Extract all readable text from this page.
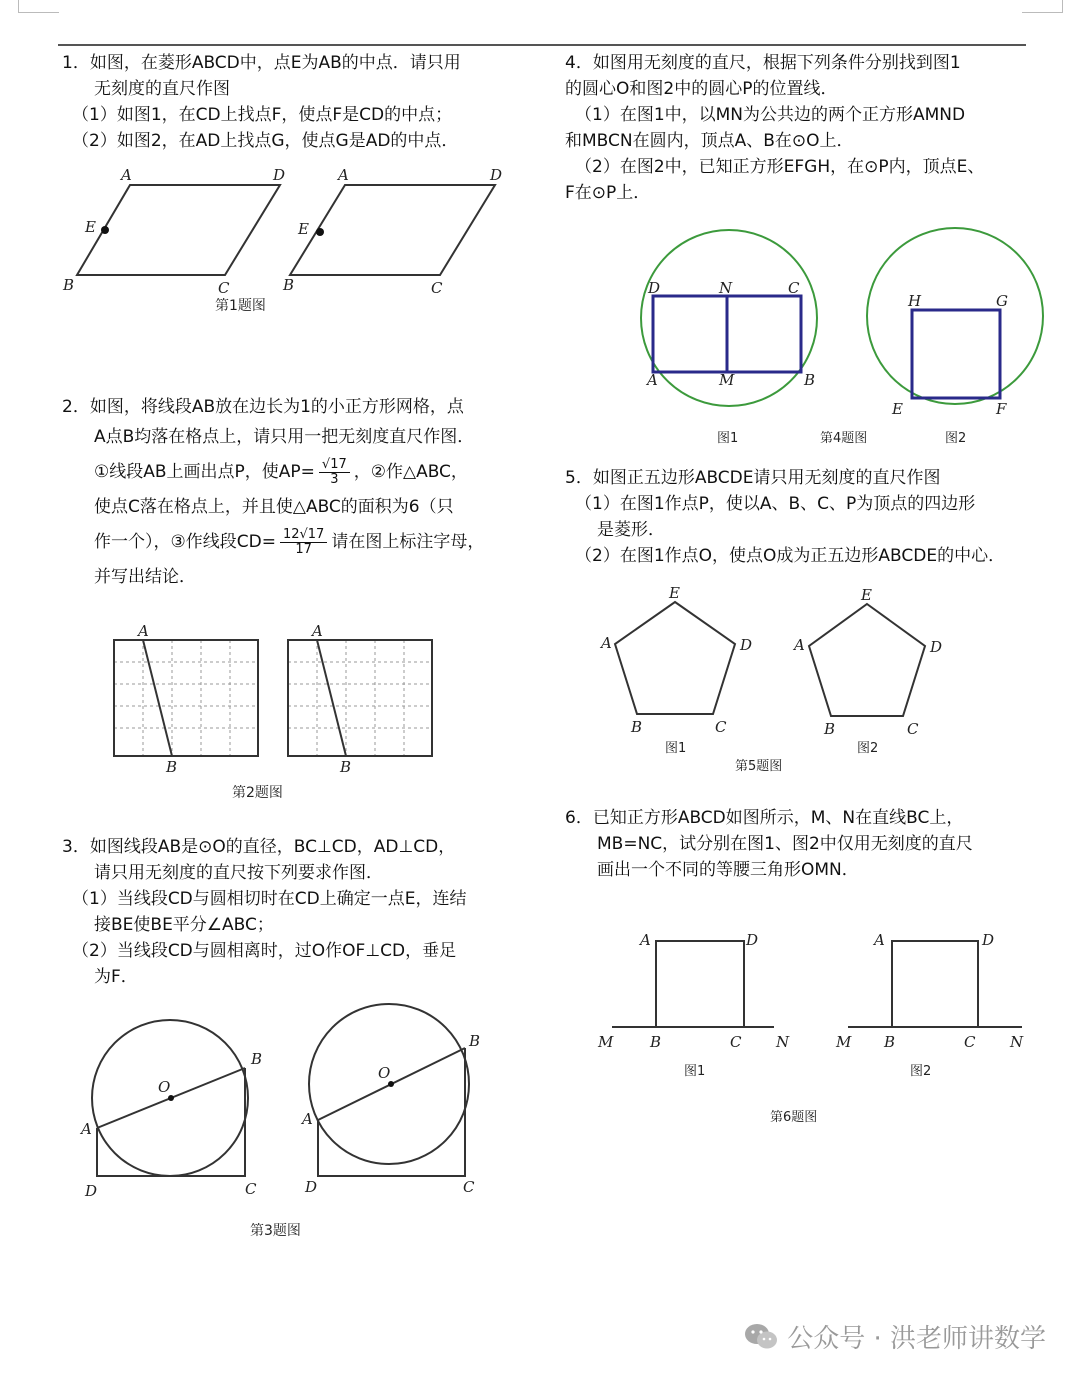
1．如图，在菱形ABCD中，点E为AB的中点．请只用

无刻度的直尺作图

（1）如图1，在CD上找点F，使点F是CD的中点；

（2）如图2，在AD上找点G，使点G是AD的中点．

A	D
E
B	C
A	D
E
B	C
第1题图

2．如图，将线段AB放在边长为1的小正方形网格，点

A点B均落在格点上，请只用一把无刻度直尺作图．

①线段AB上画出点P，使$AP= \frac{√17}{3}$ ，②作△ABC，

使点C落在格点上，并且使△ABC的面积为6（只

作一个），③作线段$CD= \frac{12√17}{17}$ 请在图上标注字母，

并写出结论．

A
B
A
B
第2题图

3．如图线段AB是⊙O的直径，BC⊥CD，AD⊥CD，

请只用无刻度的直尺按下列要求作图．

（1）当线段CD与圆相切时在CD上确定一点E，连结

接BE使BE平分∠ABC；

（2）当线段CD与圆相离时，过O作OF⊥CD，垂足

为F．

O
A
B
D	C
O
A
B
D	C
第3题图

4．如图用无刻度的直尺，根据下列条件分别找到图1

的圆心O和图2中的圆心P的位置线．

（1）在图1中，以MN为公共边的两个正方形AMND

和MBCN在圆内，顶点A、B在⊙O上．

（2）在图2中，已知正方形EFGH，在⊙P内，顶点E、

F在⊙P上．

D	N	C
A	M	B
H	G
E	F
图1	第4题图	图2

5．如图正五边形ABCDE请只用无刻度的直尺作图

（1）在图1作点P，使以A、B、C、P为顶点的四边形

是菱形．

（2）在图1作点O，使点O成为正五边形ABCDE的中心．

E
A	D
B	C
E
A	D
B	C
图1	图2
第5题图

6．已知正方形ABCD如图所示，M、N在直线BC上，

MB=NC，试分别在图1、图2中仅用无刻度的直尺

画出一个不同的等腰三角形OMN．

A	D
M B	C N
A	D
M B	C N
图1	图2
第6题图
公众号 · 洪老师讲数学
